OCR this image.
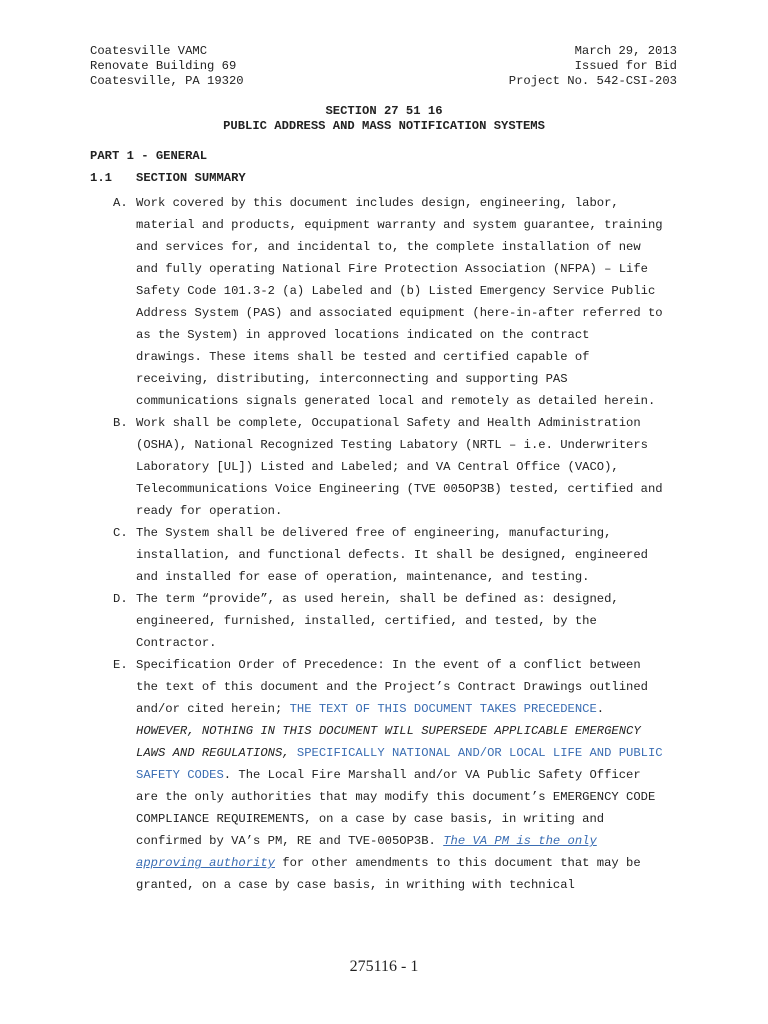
Coatesville VAMC	March 29, 2013
Renovate Building 69	Issued for Bid
Coatesville, PA 19320	Project No. 542-CSI-203
SECTION 27 51 16
PUBLIC ADDRESS AND MASS NOTIFICATION SYSTEMS
PART 1 - GENERAL
1.1 SECTION SUMMARY
A. Work covered by this document includes design, engineering, labor,
material and products, equipment warranty and system guarantee, training
and services for, and incidental to, the complete installation of new
and fully operating National Fire Protection Association (NFPA) – Life
Safety Code 101.3-2 (a) Labeled and (b) Listed Emergency Service Public
Address System (PAS) and associated equipment (here-in-after referred to
as the System) in approved locations indicated on the contract
drawings. These items shall be tested and certified capable of
receiving, distributing, interconnecting and supporting PAS
communications signals generated local and remotely as detailed herein.
B. Work shall be complete, Occupational Safety and Health Administration
(OSHA), National Recognized Testing Labatory (NRTL – i.e. Underwriters
Laboratory [UL]) Listed and Labeled; and VA Central Office (VACO),
Telecommunications Voice Engineering (TVE 005OP3B) tested, certified and
ready for operation.
C. The System shall be delivered free of engineering, manufacturing,
installation, and functional defects. It shall be designed, engineered
and installed for ease of operation, maintenance, and testing.
D. The term “provide”, as used herein, shall be defined as: designed,
engineered, furnished, installed, certified, and tested, by the
Contractor.
E. Specification Order of Precedence: In the event of a conflict between
the text of this document and the Project’s Contract Drawings outlined
and/or cited herein; THE TEXT OF THIS DOCUMENT TAKES PRECEDENCE.
HOWEVER, NOTHING IN THIS DOCUMENT WILL SUPERSEDE APPLICABLE EMERGENCY
LAWS AND REGULATIONS, SPECIFICALLY NATIONAL AND/OR LOCAL LIFE AND PUBLIC
SAFETY CODES. The Local Fire Marshall and/or VA Public Safety Officer
are the only authorities that may modify this document’s EMERGENCY CODE
COMPLIANCE REQUIREMENTS, on a case by case basis, in writing and
confirmed by VA’s PM, RE and TVE-005OP3B. The VA PM is the only
approving authority for other amendments to this document that may be
granted, on a case by case basis, in writhing with technical
275116 - 1
